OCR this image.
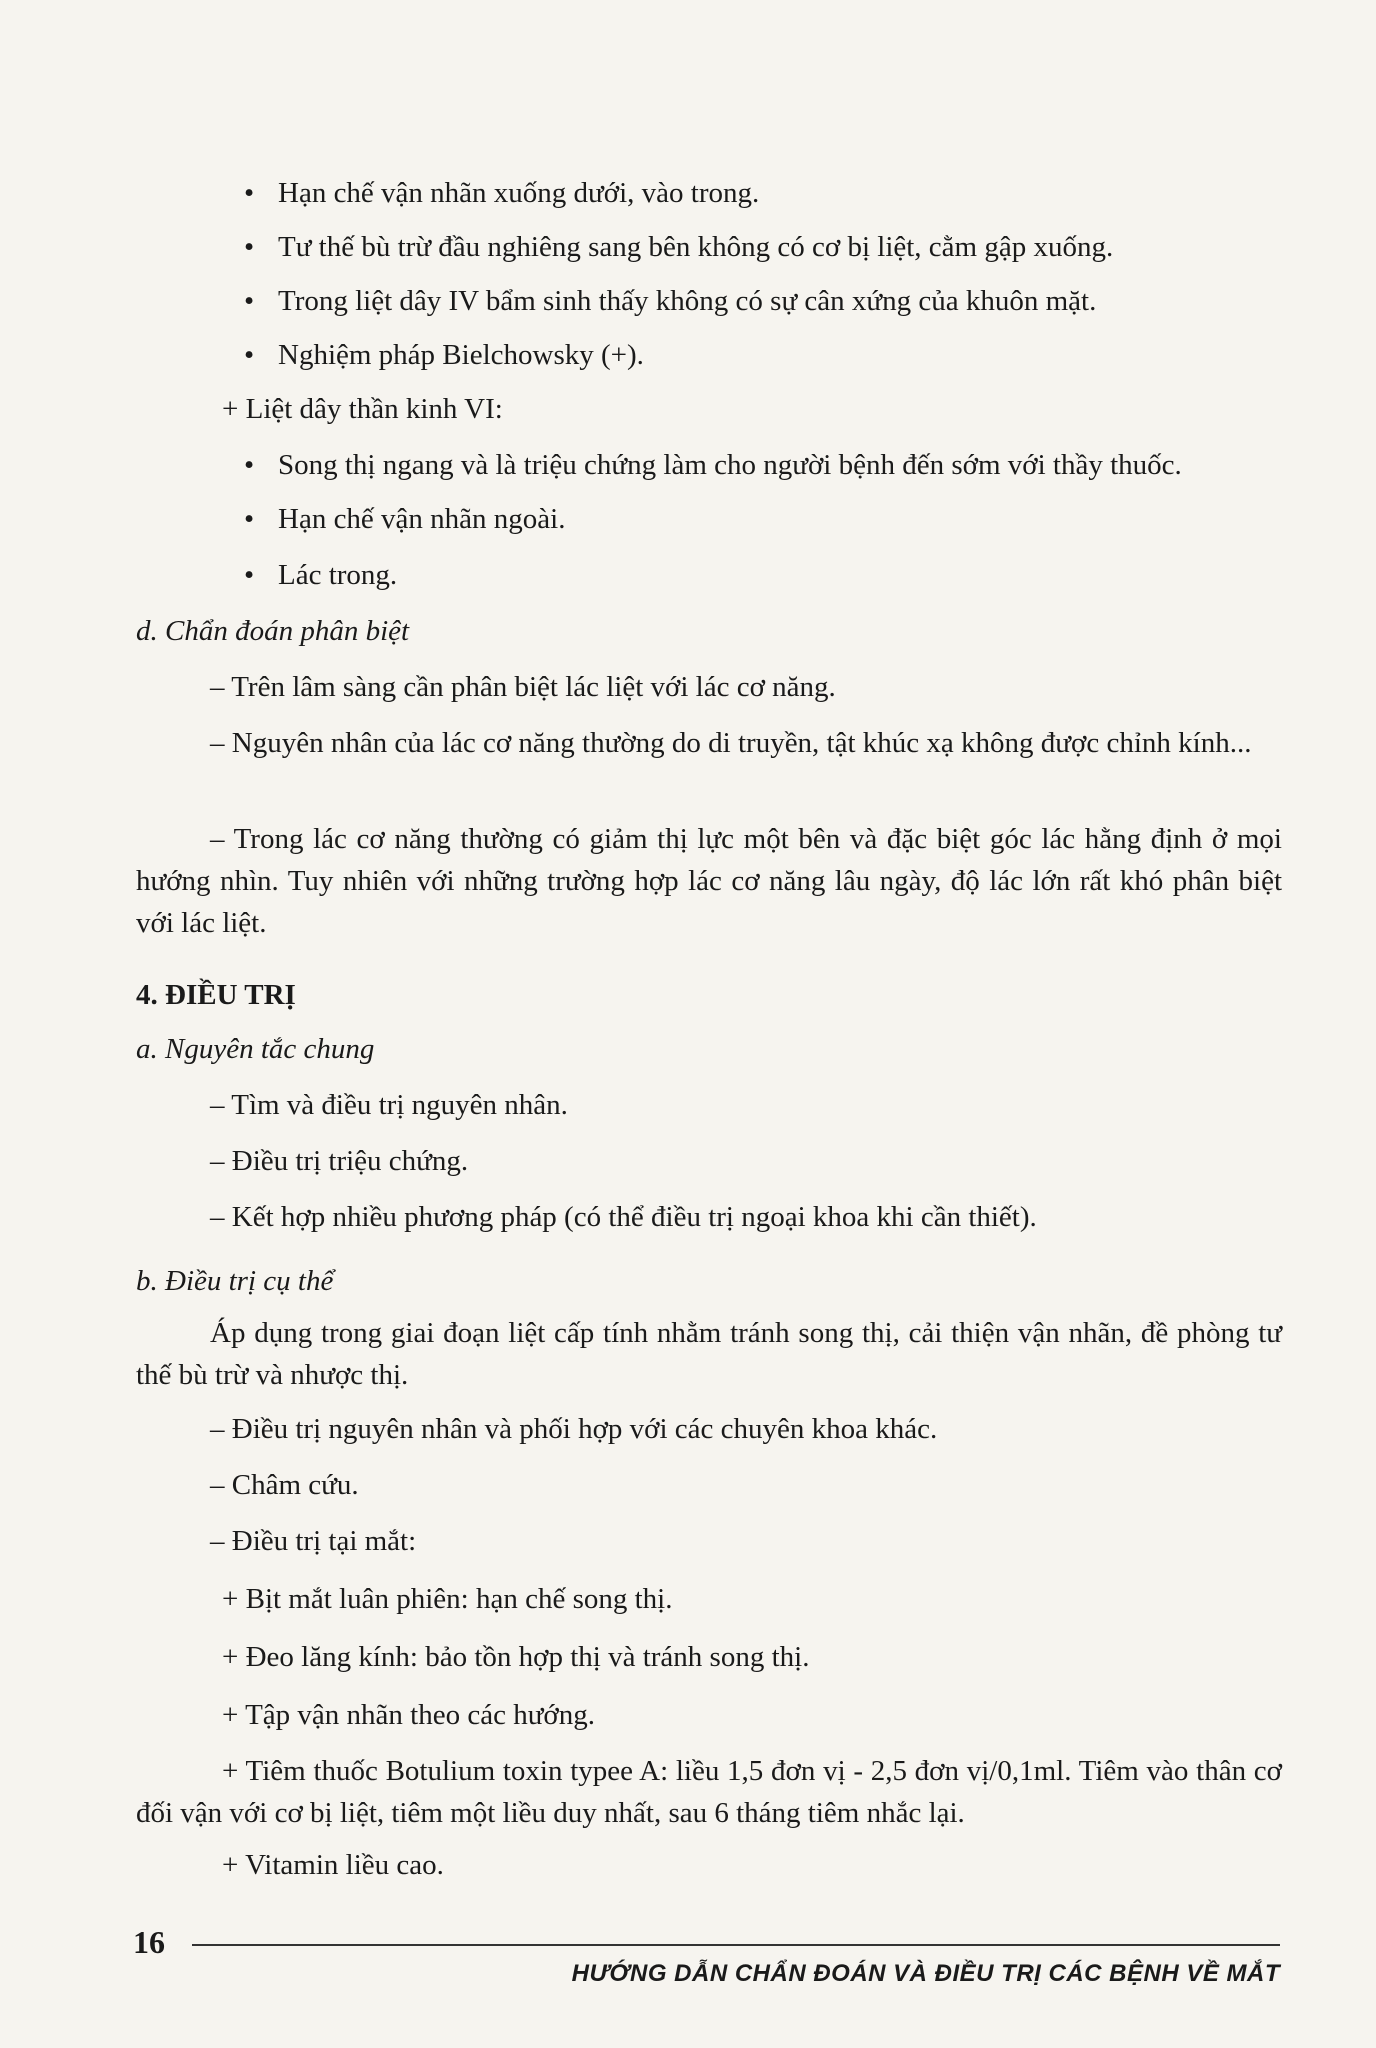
• Hạn chế vận nhãn xuống dưới, vào trong.
• Tư thế bù trừ đầu nghiêng sang bên không có cơ bị liệt, cằm gập xuống.
• Trong liệt dây IV bẩm sinh thấy không có sự cân xứng của khuôn mặt.
• Nghiệm pháp Bielchowsky (+).
+ Liệt dây thần kinh VI:
• Song thị ngang và là triệu chứng làm cho người bệnh đến sớm với thầy thuốc.
• Hạn chế vận nhãn ngoài.
• Lác trong.
d. Chẩn đoán phân biệt
– Trên lâm sàng cần phân biệt lác liệt với lác cơ năng.
– Nguyên nhân của lác cơ năng thường do di truyền, tật khúc xạ không được chỉnh kính...
– Trong lác cơ năng thường có giảm thị lực một bên và đặc biệt góc lác hằng định ở mọi hướng nhìn. Tuy nhiên với những trường hợp lác cơ năng lâu ngày, độ lác lớn rất khó phân biệt với lác liệt.
4. ĐIỀU TRỊ
a. Nguyên tắc chung
– Tìm và điều trị nguyên nhân.
– Điều trị triệu chứng.
– Kết hợp nhiều phương pháp (có thể điều trị ngoại khoa khi cần thiết).
b. Điều trị cụ thể
Áp dụng trong giai đoạn liệt cấp tính nhằm tránh song thị, cải thiện vận nhãn, đề phòng tư thế bù trừ và nhược thị.
– Điều trị nguyên nhân và phối hợp với các chuyên khoa khác.
– Châm cứu.
– Điều trị tại mắt:
+ Bịt mắt luân phiên: hạn chế song thị.
+ Đeo lăng kính: bảo tồn hợp thị và tránh song thị.
+ Tập vận nhãn theo các hướng.
+ Tiêm thuốc Botulium toxin typee A: liều 1,5 đơn vị - 2,5 đơn vị/0,1ml. Tiêm vào thân cơ đối vận với cơ bị liệt, tiêm một liều duy nhất, sau 6 tháng tiêm nhắc lại.
+ Vitamin liều cao.
16
HƯỚNG DẪN CHẨN ĐOÁN VÀ ĐIỀU TRỊ CÁC BỆNH VỀ MẮT
